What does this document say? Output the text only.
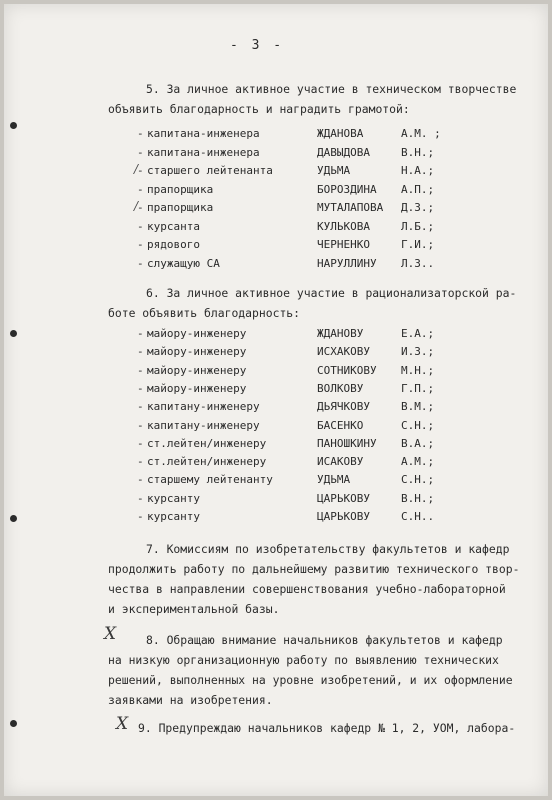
- 3 -
5. За личное активное участие в техническом творчестве
объявить благодарность и наградить грамотой:
- капитана-инженера	ЖДАНОВА	А.М. ;
- капитана-инженера	ДАВЫДОВА	В.Н.;
/
- старшего лейтенанта	УДЬМА	Н.А.;
- прапорщика	БОРОЗДИНА А.П.;
/
- прапорщика	МУТАЛАПОВА Д.З.;
- курсанта	КУЛЬКОВА	Л.Б.;
- рядового	ЧЕРНЕНКО	Г.И.;
- служащую СА	НАРУЛЛИНУ Л.З..
6. За личное активное участие в рационализаторской ра-
боте объявить благодарность:
- майору-инженеру	ЖДАНОВУ	Е.А.;
- майору-инженеру	ИСХАКОВУ	И.З.;
- майору-инженеру	СОТНИКОВУ М.Н.;
- майору-инженеру	ВОЛКОВУ	Г.П.;
- капитану-инженеру	ДЬЯЧКОВУ	В.М.;
- капитану-инженеру	БАСЕНКО	С.Н.;
- ст.лейтен/инженеру	ПАНОШКИНУ В.А.;
- ст.лейтен/инженеру	ИСАКОВУ	А.М.;
- старшему лейтенанту	УДЬМА	С.Н.;
- курсанту	ЦАРЬКОВУ	В.Н.;
- курсанту	ЦАРЬКОВУ	С.Н..
7. Комиссиям по изобретательству факультетов и кафедр
продолжить работу по дальнейшему развитию технического твор-
чества в направлении совершенствования учебно-лабораторной
и экспериментальной базы.
X	8. Обращаю внимание начальников факультетов и кафедр
на низкую организационную работу по выявлению технических
решений, выполненных на уровне изобретений, и их оформление
заявками на изобретения.
X 9. Предупреждаю начальников кафедр № 1, 2, УОМ, лабора-
